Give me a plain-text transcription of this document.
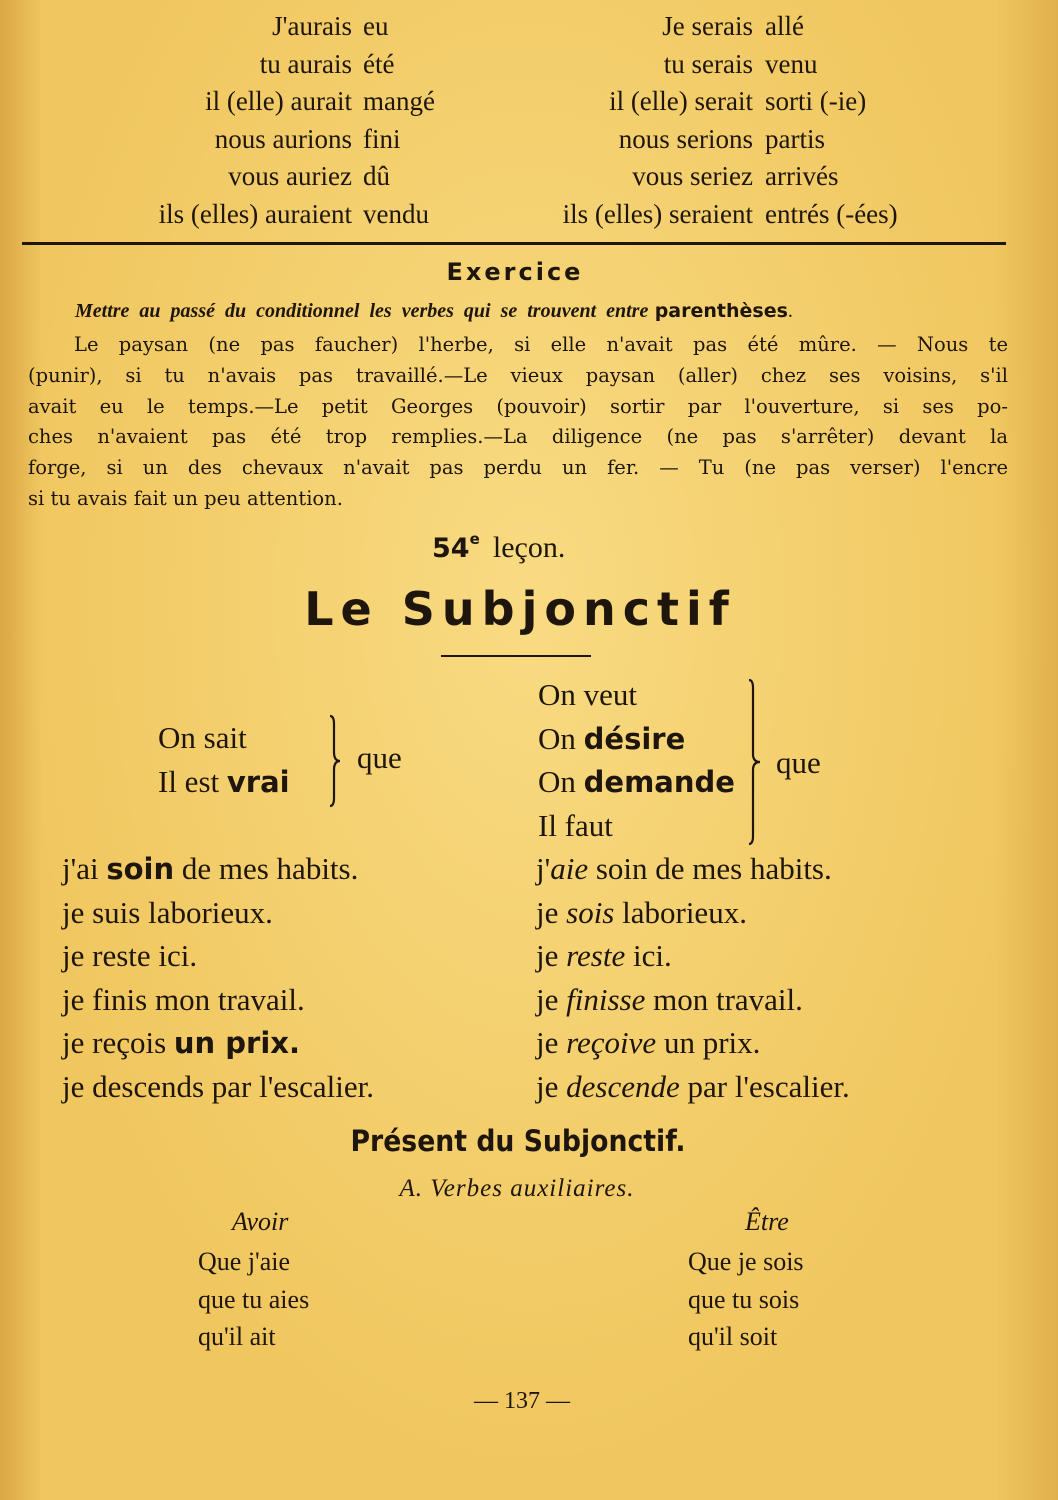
J'aurais
tu aurais
il (elle) aurait
nous aurions
vous auriez
ils (elles) auraient
eu
été
mangé
fini
dû
vendu
Je serais
tu serais
il (elle) serait
nous serions
vous seriez
ils (elles) seraient
allé
venu
sorti (-ie)
partis
arrivés
entrés (-ées)
Exercice
Mettre au passé du conditionnel les verbes qui se trouvent entre parenthèses.
Le paysan (ne pas faucher) l'herbe, si elle n'avait pas été mûre. — Nous te
(punir), si tu n'avais pas travaillé.—Le vieux paysan (aller) chez ses voisins, s'il
avait eu le temps.—Le petit Georges (pouvoir) sortir par l'ouverture, si ses po-
ches n'avaient pas été trop remplies.—La diligence (ne pas s'arrêter) devant la
forge, si un des chevaux n'avait pas perdu un fer. — Tu (ne pas verser) l'encre
si tu avais fait un peu attention.
54e leçon.
Le Subjonctif
On sait
Il est vrai
que
On veut
On désire
On demande
Il faut
que
j'ai soin de mes habits.
je suis laborieux.
je reste ici.
je finis mon travail.
je reçois un prix.
je descends par l'escalier.
j'aie soin de mes habits.
je sois laborieux.
je reste ici.
je finisse mon travail.
je reçoive un prix.
je descende par l'escalier.
Présent du Subjonctif.
A. Verbes auxiliaires.
Avoir
Que j'aie
que tu aies
qu'il ait
Être
Que je sois
que tu sois
qu'il soit
— 137 —
